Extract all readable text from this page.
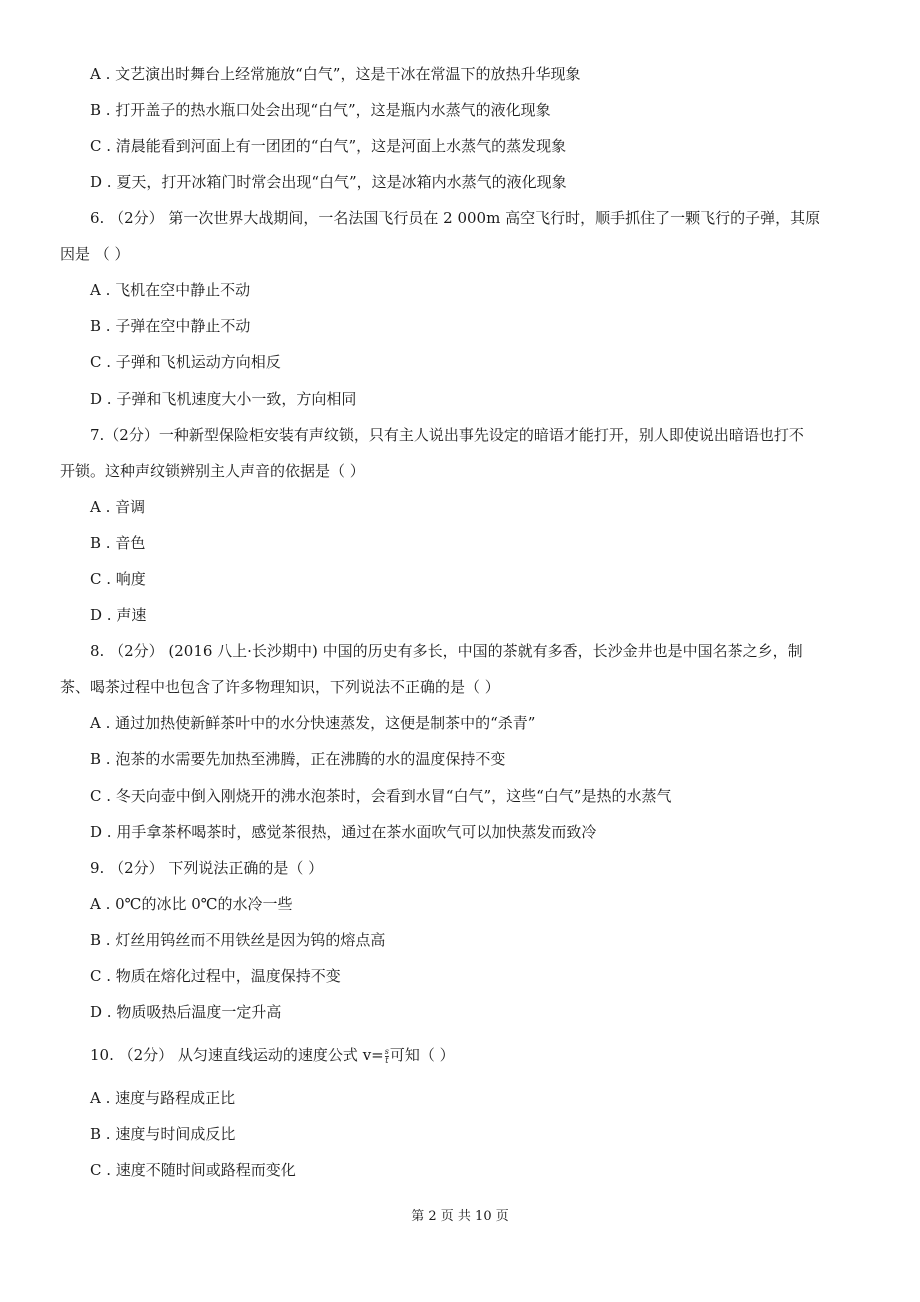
A . 文艺演出时舞台上经常施放“白气”，这是干冰在常温下的放热升华现象
B . 打开盖子的热水瓶口处会出现“白气”，这是瓶内水蒸气的液化现象
C . 清晨能看到河面上有一团团的“白气”，这是河面上水蒸气的蒸发现象
D . 夏天，打开冰箱门时常会出现“白气”，这是冰箱内水蒸气的液化现象
6. （2分） 第一次世界大战期间，一名法国飞行员在 2 000m 高空飞行时，顺手抓住了一颗飞行的子弹，其原
因是 （ ）
A . 飞机在空中静止不动
B . 子弹在空中静止不动
C . 子弹和飞机运动方向相反
D . 子弹和飞机速度大小一致，方向相同
7.（2分）一种新型保险柜安装有声纹锁，只有主人说出事先设定的暗语才能打开，别人即使说出暗语也打不
开锁。这种声纹锁辨别主人声音的依据是（ ）
A . 音调
B . 音色
C . 响度
D . 声速
8. （2分） (2016 八上·长沙期中) 中国的历史有多长，中国的茶就有多香，长沙金井也是中国名茶之乡，制
茶、喝茶过程中也包含了许多物理知识，下列说法不正确的是（ ）
A . 通过加热使新鲜茶叶中的水分快速蒸发，这便是制茶中的“杀青”
B . 泡茶的水需要先加热至沸腾，正在沸腾的水的温度保持不变
C . 冬天向壶中倒入刚烧开的沸水泡茶时，会看到水冒“白气”，这些“白气”是热的水蒸气
D . 用手拿茶杯喝茶时，感觉茶很热，通过在茶水面吹气可以加快蒸发而致冷
9. （2分） 下列说法正确的是（ ）
A . 0℃的冰比 0℃的水冷一些
B . 灯丝用钨丝而不用铁丝是因为钨的熔点高
C . 物质在熔化过程中，温度保持不变
D . 物质吸热后温度一定升高
10. （2分） 从匀速直线运动的速度公式 $v= \frac{s}{t}$ 可知（ ）
A . 速度与路程成正比
B . 速度与时间成反比
C . 速度不随时间或路程而变化
第 2 页 共 10 页
